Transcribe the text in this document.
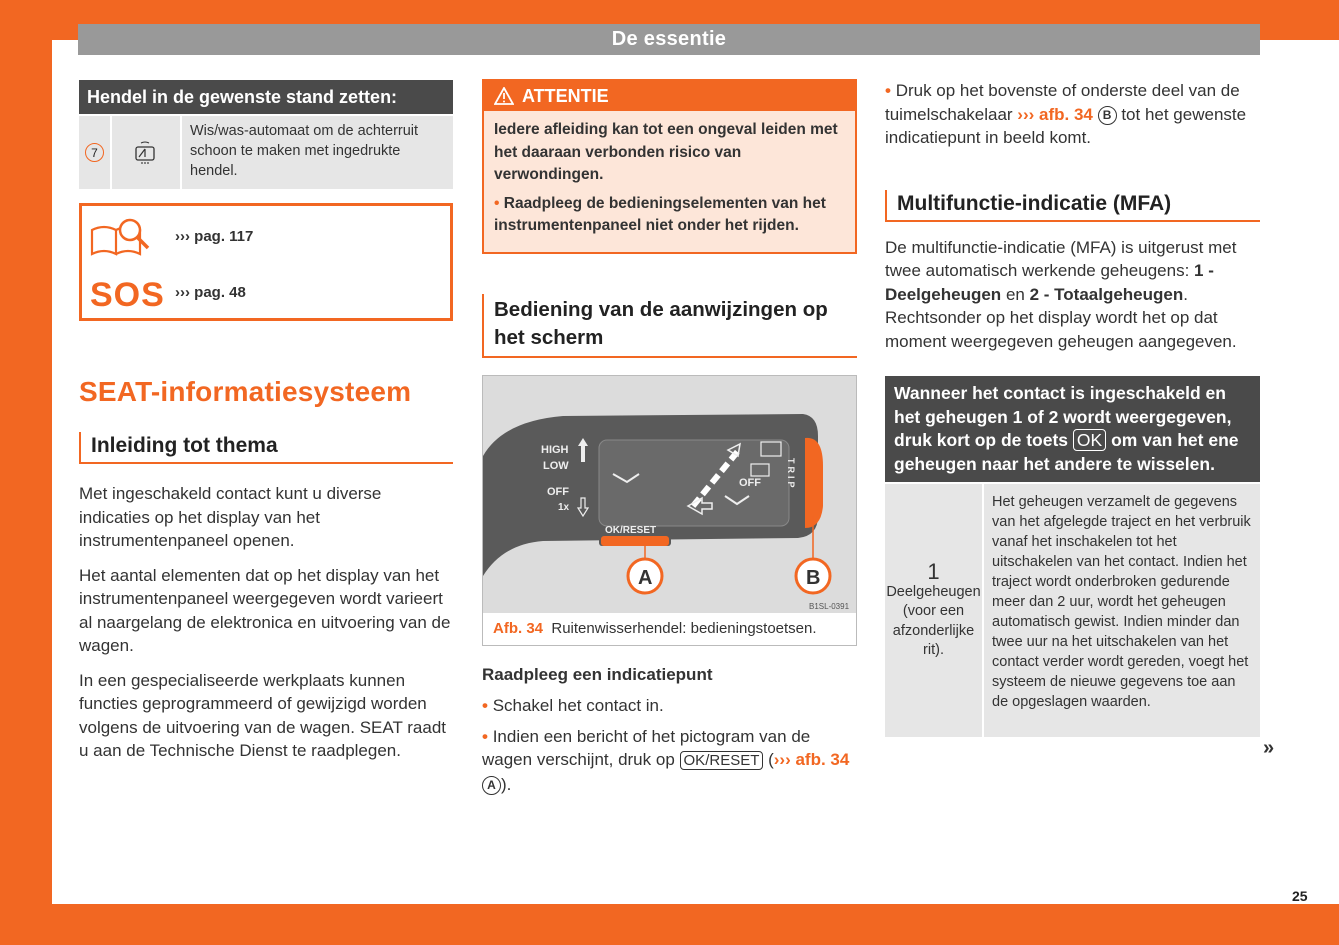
De essentie
Hendel in de gewenste stand zetten:
7
Wis/was-automaat om de achterruit schoon te maken met ingedrukte hendel.
››› pag. 117
SOS ››› pag. 48
SEAT-informatiesysteem
Inleiding tot thema

Met ingeschakeld contact kunt u diverse indicaties op het display van het instrumentenpaneel openen.

Het aantal elementen dat op het display van het instrumentenpaneel weergegeven wordt varieert al naargelang de elektronica en uitvoering van de wagen.

In een gespecialiseerde werkplaats kunnen functies geprogrammeerd of gewijzigd worden volgens de uitvoering van de wagen. SEAT raadt u aan de Technische Dienst te raadplegen.

ATTENTIE

Iedere afleiding kan tot een ongeval leiden met het daaraan verbonden risico van verwondingen.

• Raadpleeg de bedieningselementen van het instrumentenpaneel niet onder het rijden.

Bediening van de aanwijzingen op het scherm
HIGH
LOW
OFF
1x
OFF	TRIP
OK/RESET
A	B
B1SL-0391
Afb. 34 Ruitenwisserhendel: bedieningstoetsen.

Raadpleeg een indicatiepunt

• Schakel het contact in.

• Indien een bericht of het pictogram van de wagen verschijnt, druk op OK/RESET (››› afb. 34 A ).

• Druk op het bovenste of onderste deel van de tuimelschakelaar ››› afb. 34 B tot het gewenste indicatiepunt in beeld komt.

Multifunctie-indicatie (MFA)

De multifunctie-indicatie (MFA) is uitgerust met twee automatisch werkende geheugens: 1 - Deelgeheugen en 2 - Totaalgeheugen. Rechtsonder op het display wordt het op dat moment weergegeven geheugen aangegeven.

Wanneer het contact is ingeschakeld en het geheugen 1 of 2 wordt weergegeven, druk kort op de toets OK om van het ene geheugen naar het andere te wisselen.
1
Deelgeheugen (voor een afzonderlijke rit).
Het geheugen verzamelt de gegevens van het afgelegde traject en het verbruik vanaf het inschakelen tot het uitschakelen van het contact. Indien het traject wordt onderbroken gedurende meer dan 2 uur, wordt het geheugen automatisch gewist. Indien minder dan twee uur na het uitschakelen van het contact verder wordt gereden, voegt het systeem de nieuwe gegevens toe aan de opgeslagen waarden.
»
25
